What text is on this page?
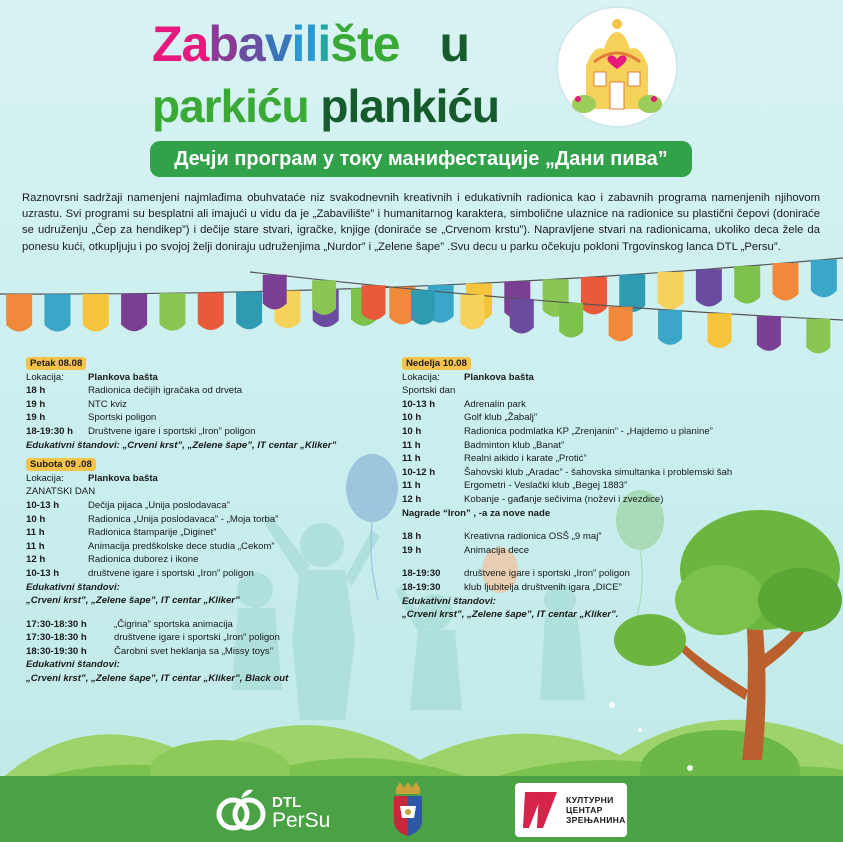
Zabavilište u
parkiću plankiću
Дечји програм у току манифестације „Дани пива”

Raznovrsni sadržaji namenjeni najmlađima obuhvataće niz svakodnevnih kreativnih i edukativnih radionica kao i zabavnih programa namenjenih njihovom uzrastu. Svi programi su besplatni ali imajući u vidu da je „Zabavilište” i humanitarnog karaktera, simbolične ulaznice na radionice su plastični čepovi (doniraće se udruženju „Čep za hendikep”) i dečije stare stvari, igračke, knjige (doniraće se „Crvenom krstu”). Napravljene stvari na radionicama, ukoliko deca žele da ponesu kući, otkupljuju i po svojoj želji doniraju udruženjima „Nurdor” i „Zelene šape” .Svu decu u parku očekuju pokloni Trgovinskog lanca DTL „Persu”.

Petak 08.08
Lokacija:	Plankova bašta
18 h	Radionica dečijih igračaka od drveta
19 h	NTC kviz
19 h	Sportski poligon
18-19:30 h	Društvene igare i sportski „Iron” poligon
Edukativni štandovi: „Crveni krst”, „Zelene šape”, IT centar „Kliker”
Subota 09 .08
Lokacija:	Plankova bašta
ZANATSKI DAN
10-13 h	Dečija pijaca „Unija poslodavaca”
10 h	Radionica „Unija poslodavaca” - „Moja torba”
11 h	Radionica štamparije „Diginet”
11 h	Animacija predškolske dece studia „Cekom”
12 h	Radionica duborez i ikone
10-13 h	društvene igare i sportski „Iron” poligon
Edukativni štandovi:
„Crveni krst”, „Zelene šape”, IT centar „Kliker”
17:30-18:30 h	„Čigrina” sportska animacija
17:30-18:30 h	društvene igare i sportski „Iron” poligon
18:30-19:30 h	Čarobni svet heklanja sa „Missy toys”
Edukativni štandovi:
„Crveni krst”, „Zelene šape”, IT centar „Kliker”, Black out
Nedelja 10.08
Lokacija:	Plankova bašta
Sportski dan
10-13 h	Adrenalin park
10 h	Golf klub „Žabalj”
10 h	Radionica podmlatka KP „Zrenjanin” - „Hajdemo u planine”
11 h	Badminton klub „Banat”
11 h	Realni aikido i karate „Protić”
10-12 h	Šahovski klub „Aradac” - šahovska simultanka i problemski šah
11 h	Ergometri - Veslački klub „Begej 1883”
12 h	Kobanje - gađanje sečivima (noževi i zvezdice)
Nagrade “Iron” , -a za nove nade
18 h	Kreativna radionica OSŠ „9 maj”
19 h	Animacija dece
18-19:30	društvene igare i sportski „Iron” poligon
18-19:30	klub ljubitelja društvenih igara „DICE”
Edukativni štandovi:
„Crveni krst”, „Zelene šape”, IT centar „Kliker”.
DTL
PerSu
КУЛТУРНИ
ЦЕНТАР
ЗРЕЊАНИНА
